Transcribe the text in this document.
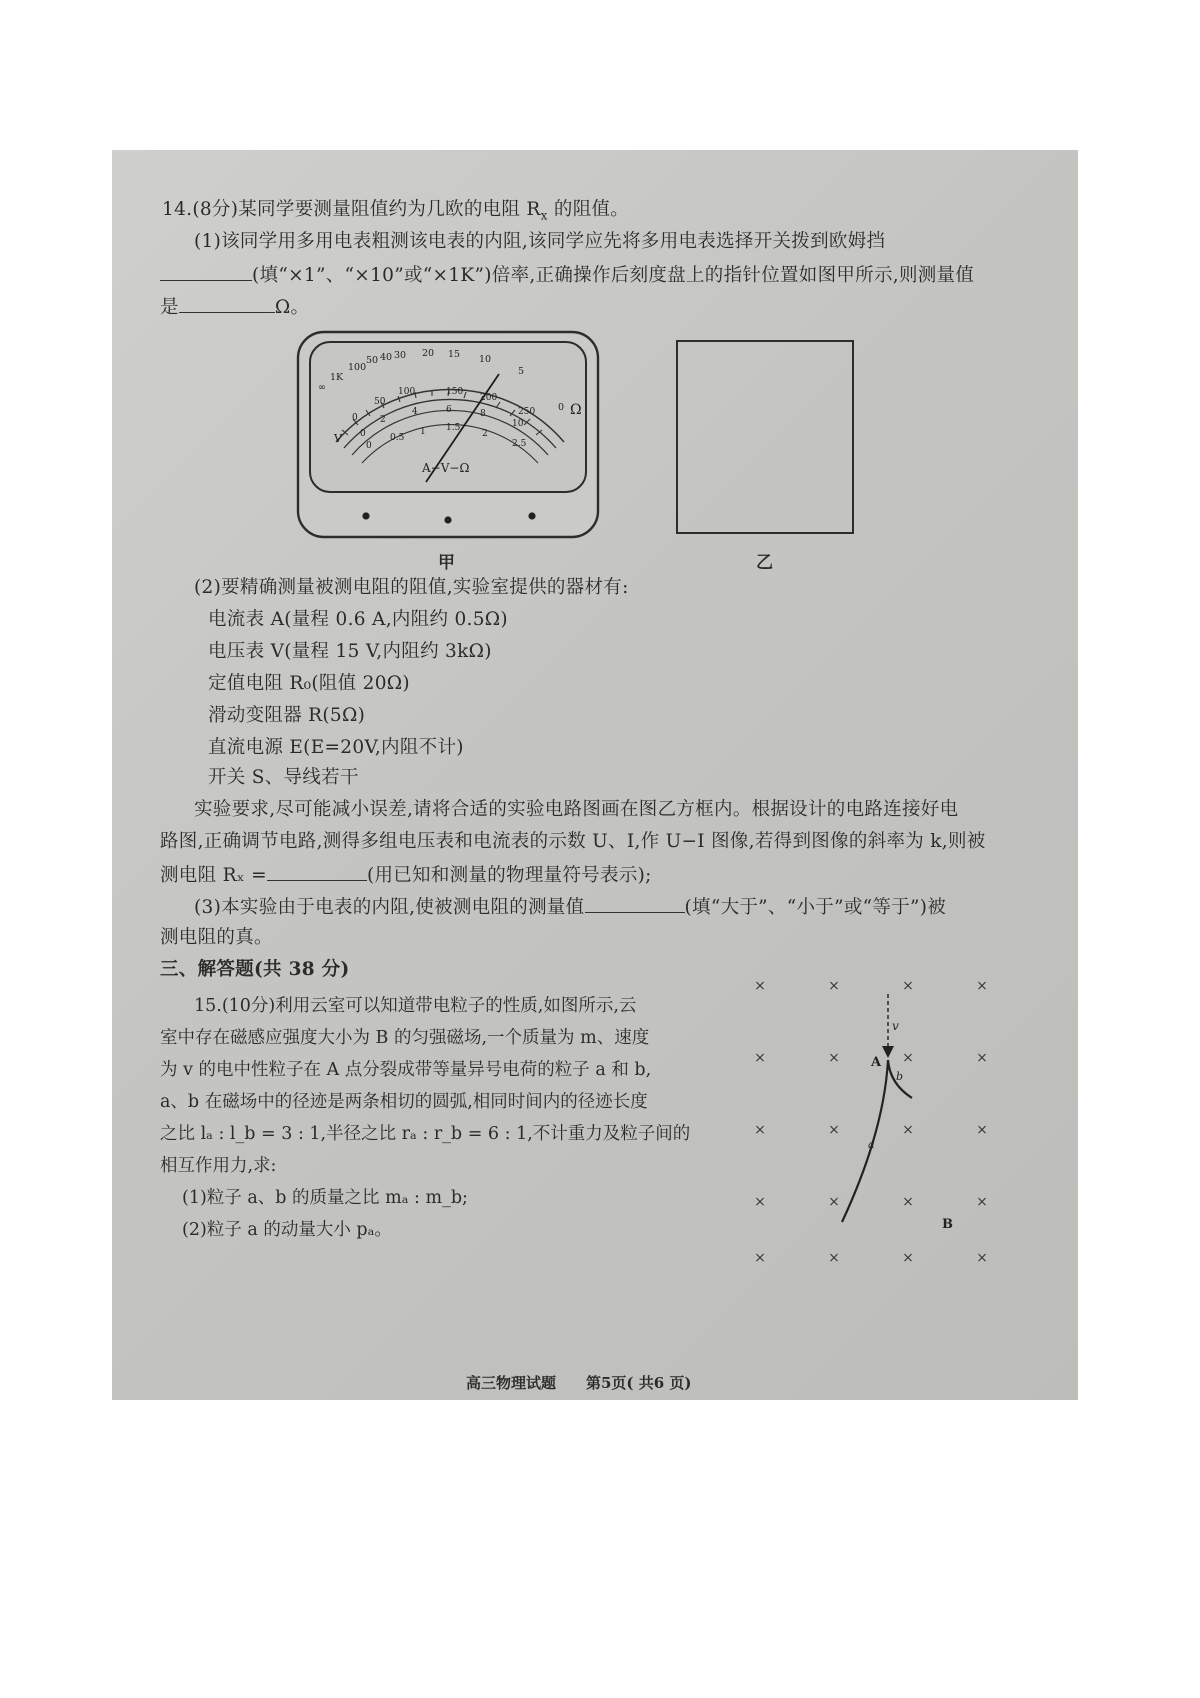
14.(8分)某同学要测量阻值约为几欧的电阻 $R_x$ 的阻值。
(1)该同学用多用电表粗测该电表的内阻,该同学应先将多用电表选择开关拨到欧姆挡
(填“×1”、“×10”或“×1K”)倍率,正确操作后刻度盘上的指针位置如图甲所示,则测量值
是	Ω。
∞
1K
100
50 40 30 20 15 10
5
0 Ω
0
50
100	150
200
250
0
2
4	6	8
10
0
0.5
1 1.5
2
2.5
V
A−V−Ω
甲	乙
(2)要精确测量被测电阻的阻值,实验室提供的器材有:
电流表 A(量程 0.6 A,内阻约 0.5Ω)
电压表 V(量程 15 V,内阻约 3kΩ)
定值电阻 R₀(阻值 20Ω)
滑动变阻器 R(5Ω)
直流电源 E(E=20V,内阻不计)
开关 S、导线若干
实验要求,尽可能减小误差,请将合适的实验电路图画在图乙方框内。根据设计的电路连接好电
路图,正确调节电路,测得多组电压表和电流表的示数 U、I,作 U−I 图像,若得到图像的斜率为 k,则被
测电阻 Rₓ =	(用已知和测量的物理量符号表示);
(3)本实验由于电表的内阻,使被测电阻的测量值	(填“大于”、“小于”或“等于”)被
测电阻的真。
三、解答题(共 38 分)
15.(10分)利用云室可以知道带电粒子的性质,如图所示,云
室中存在磁感应强度大小为 B 的匀强磁场,一个质量为 m、速度
为 v 的电中性粒子在 A 点分裂成带等量异号电荷的粒子 a 和 b,
a、b 在磁场中的径迹是两条相切的圆弧,相同时间内的径迹长度
之比 lₐ : l_b = 3 : 1,半径之比 rₐ : r_b = 6 : 1,不计重力及粒子间的
相互作用力,求:
(1)粒子 a、b 的质量之比 mₐ : m_b;
(2)粒子 a 的动量大小 pₐ。
×	×	×	×
×	×	×	×
×	×	×	×
×	×	×	×
×	×	×	×
v
A
b
a
B
高三物理试题 第5页( 共6 页)
